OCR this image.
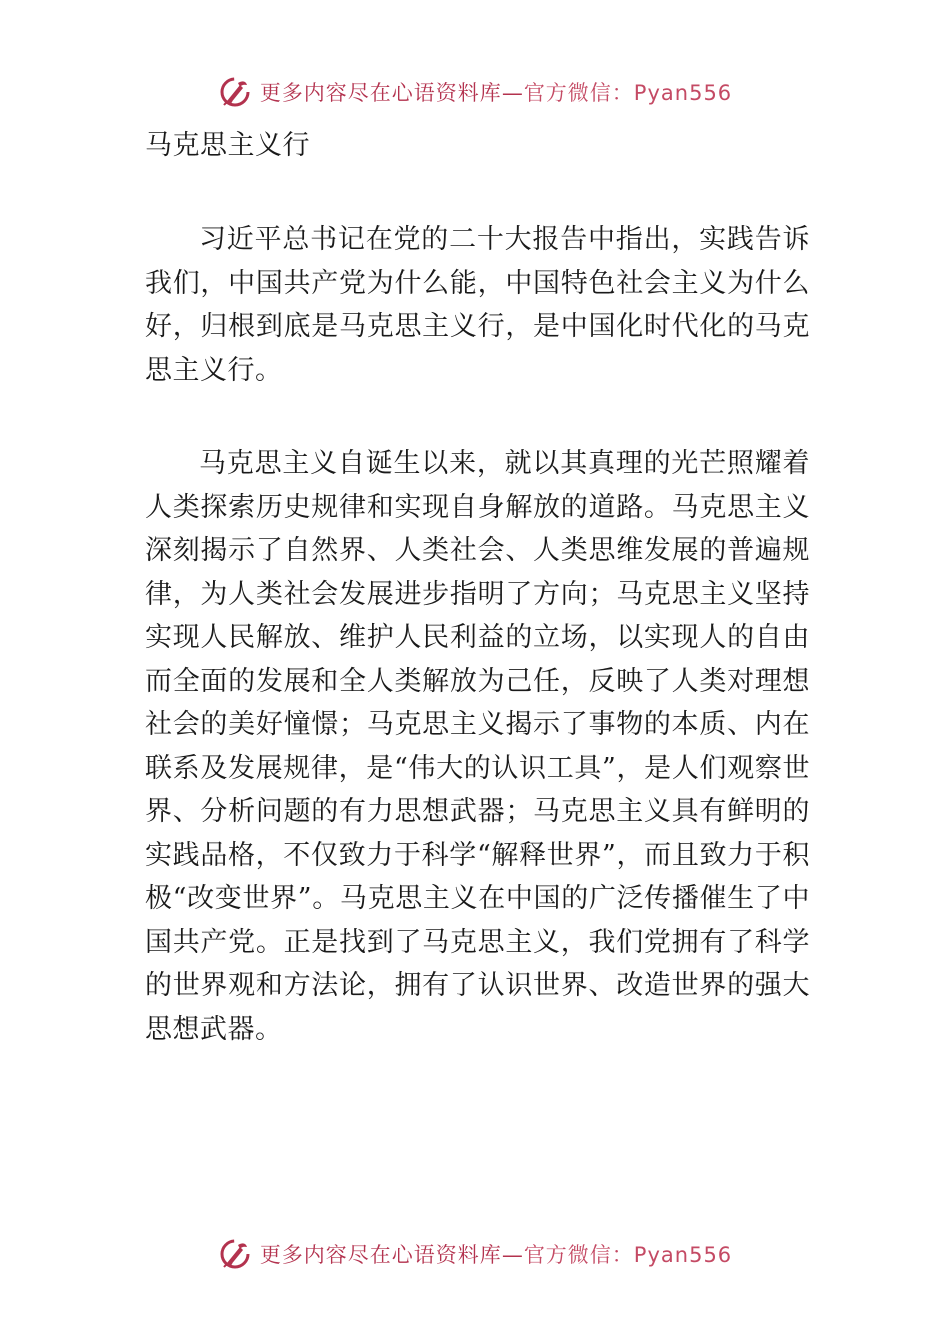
更多内容尽在心语资料库—官方微信：Pyan556
马克思主义行

习近平总书记在党的二十大报告中指出，实践告诉我们，中国共产党为什么能，中国特色社会主义为什么好，归根到底是马克思主义行，是中国化时代化的马克思主义行。

马克思主义自诞生以来，就以其真理的光芒照耀着人类探索历史规律和实现自身解放的道路。马克思主义深刻揭示了自然界、人类社会、人类思维发展的普遍规律，为人类社会发展进步指明了方向；马克思主义坚持实现人民解放、维护人民利益的立场，以实现人的自由而全面的发展和全人类解放为己任，反映了人类对理想社会的美好憧憬；马克思主义揭示了事物的本质、内在联系及发展规律，是“伟大的认识工具”，是人们观察世界、分析问题的有力思想武器；马克思主义具有鲜明的实践品格，不仅致力于科学“解释世界”，而且致力于积极“改变世界”。马克思主义在中国的广泛传播催生了中国共产党。正是找到了马克思主义，我们党拥有了科学的世界观和方法论，拥有了认识世界、改造世界的强大思想武器。

更多内容尽在心语资料库—官方微信：Pyan556
